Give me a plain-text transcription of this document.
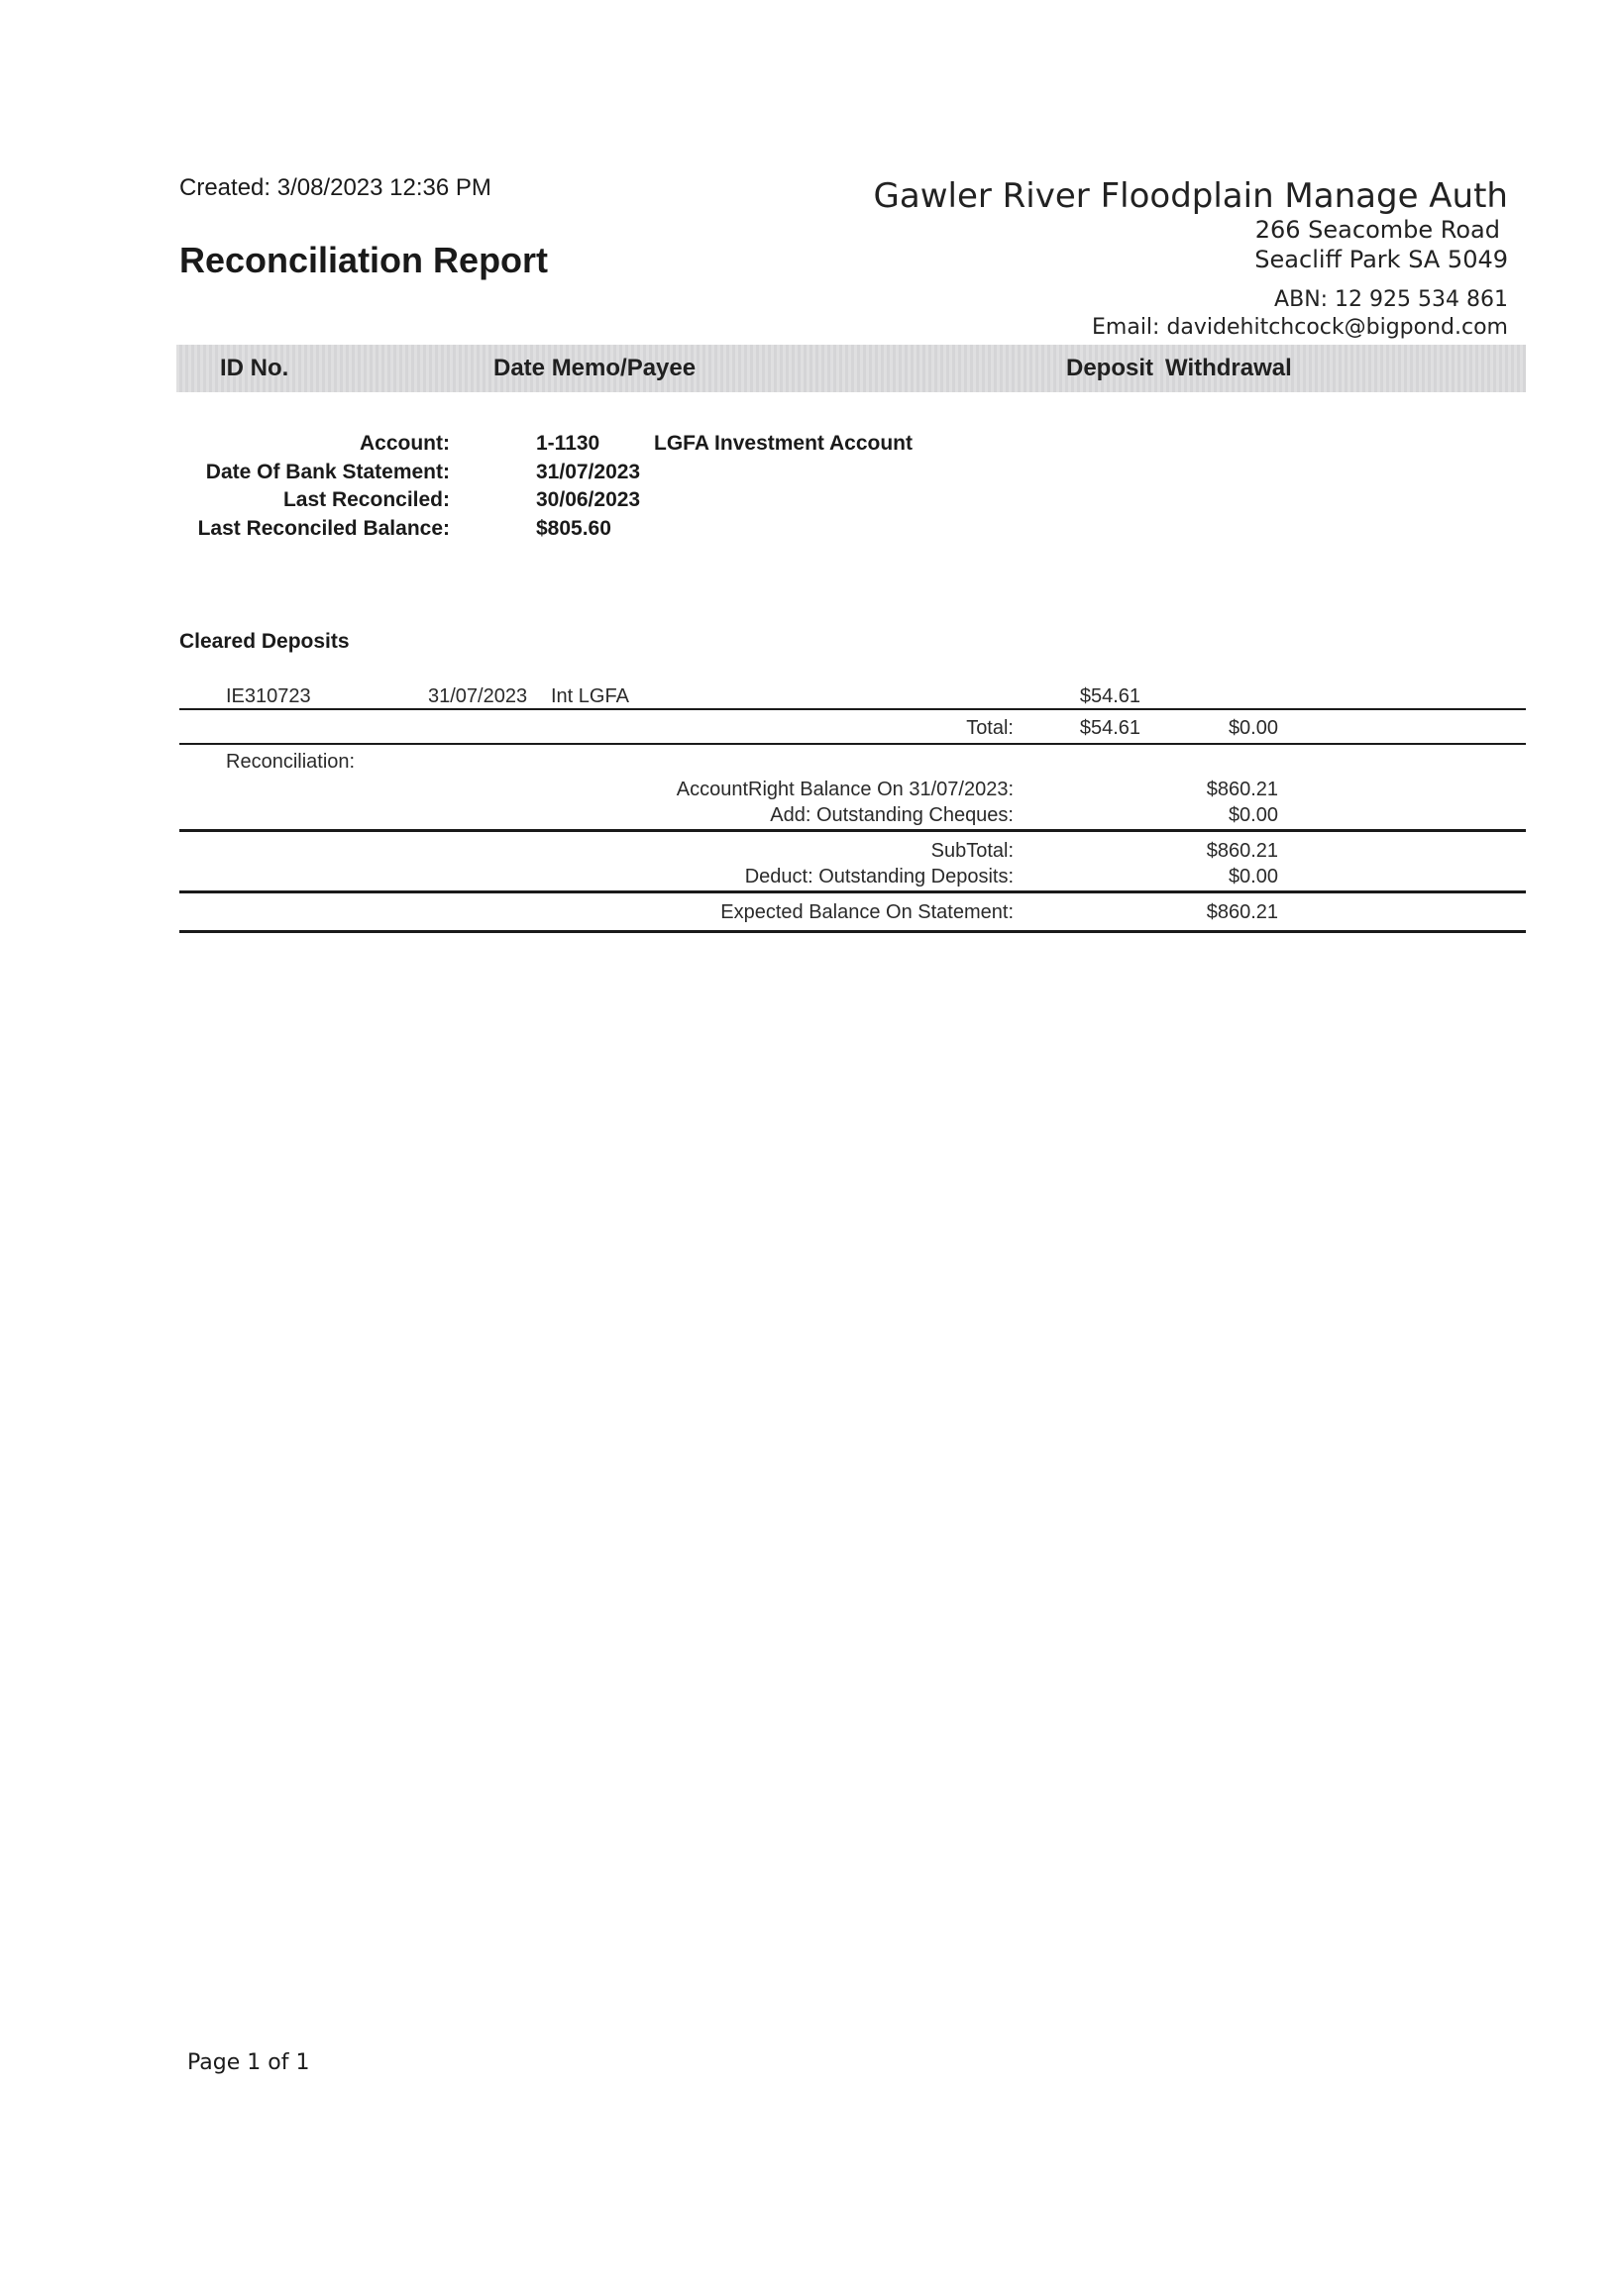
Created: 3/08/2023 12:36 PM
Reconciliation Report
Gawler River Floodplain Manage Auth
266 Seacombe Road
Seacliff Park SA 5049
ABN: 12 925 534 861
Email: davidehitchcock@bigpond.com
ID No.	Date Memo/Payee	Deposit Withdrawal
Account:	1-1130	LGFA Investment Account
Date Of Bank Statement:	31/07/2023
Last Reconciled:	30/06/2023
Last Reconciled Balance:	$805.60
Cleared Deposits
IE310723	31/07/2023 Int LGFA	$54.61
Total:	$54.61	$0.00
Reconciliation:
AccountRight Balance On 31/07/2023:	$860.21
Add: Outstanding Cheques:	$0.00
SubTotal:	$860.21
Deduct: Outstanding Deposits:	$0.00
Expected Balance On Statement:	$860.21
Page 1 of 1
